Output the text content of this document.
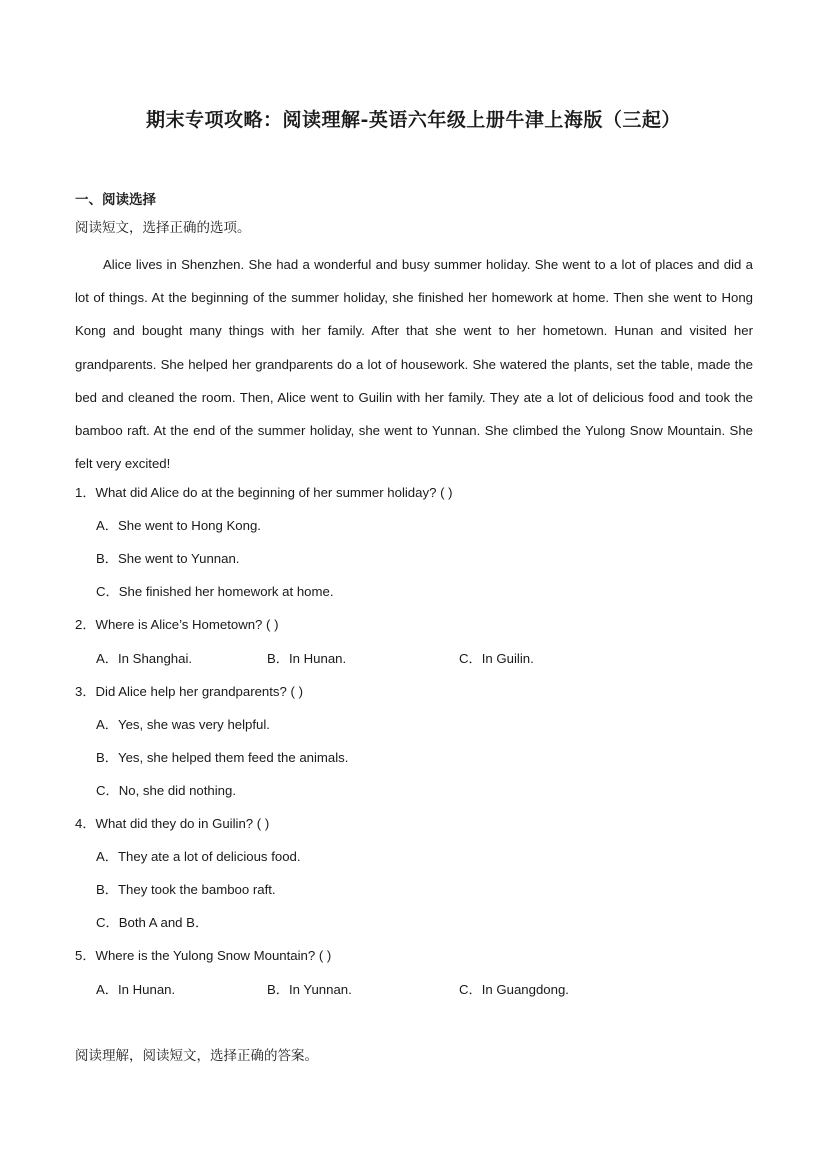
期末专项攻略：阅读理解-英语六年级上册牛津上海版（三起）
一、阅读选择
阅读短文，选择正确的选项。

Alice lives in Shenzhen. She had a wonderful and busy summer holiday. She went to a lot of places and did a lot of things. At the beginning of the summer holiday, she finished her homework at home. Then she went to Hong Kong and bought many things with her family. After that she went to her hometown. Hunan and visited her grandparents. She helped her grandparents do a lot of housework. She watered the plants, set the table, made the bed and cleaned the room. Then, Alice went to Guilin with her family. They ate a lot of delicious food and took the bamboo raft. At the end of the summer holiday, she went to Yunnan. She climbed the Yulong Snow Mountain. She felt very excited!

1．What did Alice do at the beginning of her summer holiday? ( )
A．She went to Hong Kong.
B．She went to Yunnan.
C．She finished her homework at home.
2．Where is Alice’s Hometown? ( )
A．In Shanghai.	B．In Hunan.	C．In Guilin.
3．Did Alice help her grandparents? ( )
A．Yes, she was very helpful.
B．Yes, she helped them feed the animals.
C．No, she did nothing.
4．What did they do in Guilin? ( )
A．They ate a lot of delicious food.
B．They took the bamboo raft.
C．Both A and B．
5．Where is the Yulong Snow Mountain? ( )
A．In Hunan.	B．In Yunnan.	C．In Guangdong.
阅读理解，阅读短文，选择正确的答案。
